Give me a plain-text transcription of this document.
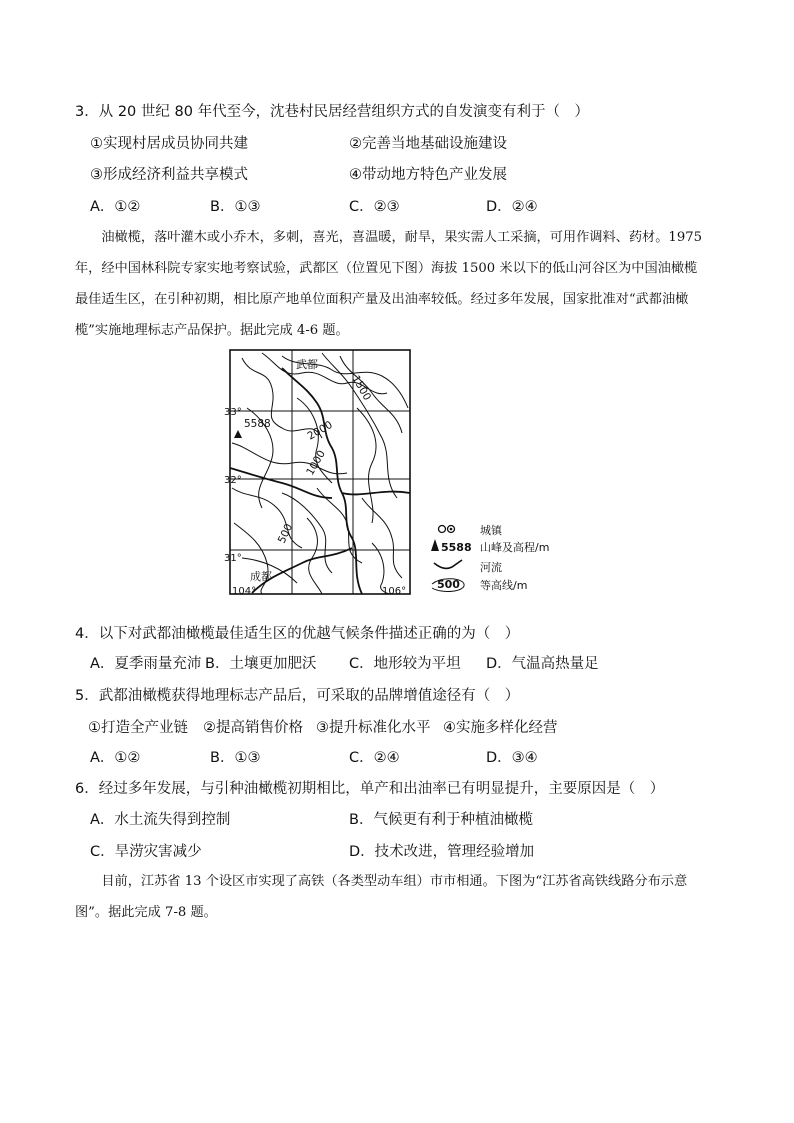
3．从 20 世纪 80 年代至今，沈巷村民居经营组织方式的自发演变有利于（　）
①实现村居成员协同共建	②完善当地基础设施建设
③形成经济利益共享模式	④带动地方特色产业发展
A．①②	B．①③	C．②③	D．②④
　　油橄榄，落叶灌木或小乔木，多刺，喜光，喜温暖，耐旱，果实需人工采摘，可用作调料、药材。1975
年，经中国林科院专家实地考察试验，武都区（位置见下图）海拔 1500 米以下的低山河谷区为中国油橄榄
最佳适生区，在引种初期，相比原产地单位面积产量及出油率较低。经过多年发展，国家批准对“武都油橄
榄”实施地理标志产品保护。据此完成 4-6 题。
武都
成都
5588
1500
2000
1000
500
33°
32°
31°
104°	106°
城镇
5588 山峰及高程/m
河流
500 等高线/m
4．以下对武都油橄榄最佳适生区的优越气候条件描述正确的为（　）
A．夏季雨量充沛 B．土壤更加肥沃 C．地形较为平坦 D．气温高热量足
5．武都油橄榄获得地理标志产品后，可采取的品牌增值途径有（　）
①打造全产业链 ②提高销售价格 ③提升标准化水平 ④实施多样化经营
A．①②	B．①③	C．②④	D．③④
6．经过多年发展，与引种油橄榄初期相比，单产和出油率已有明显提升，主要原因是（　）
A．水土流失得到控制	B．气候更有利于种植油橄榄
C．旱涝灾害减少	D．技术改进，管理经验增加
　　目前，江苏省 13 个设区市实现了高铁（各类型动车组）市市相通。下图为“江苏省高铁线路分布示意
图”。据此完成 7-8 题。
